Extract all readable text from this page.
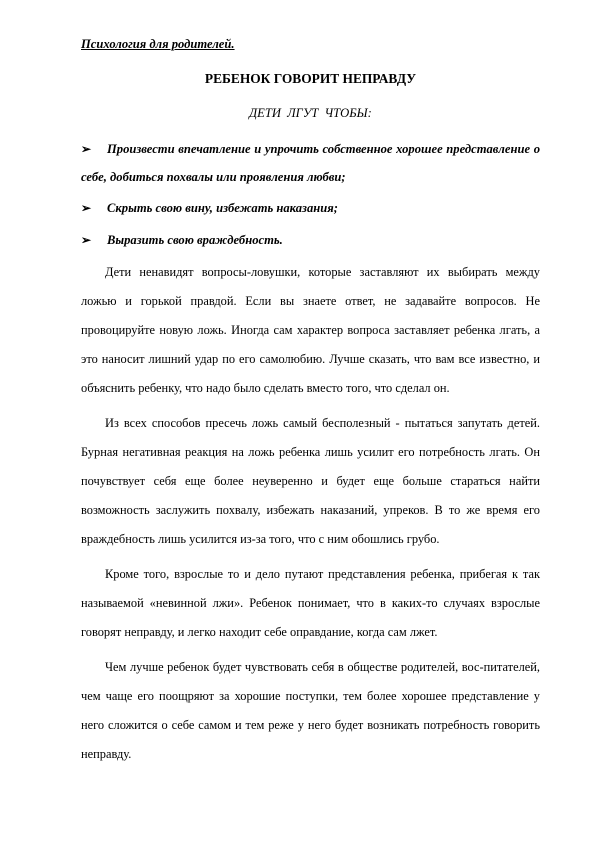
Психология для родителей.
РЕБЕНОК ГОВОРИТ НЕПРАВДУ
ДЕТИ ЛГУТ ЧТОБЫ:
➢ Произвести впечатление и упрочить собственное хорошее представление о себе, добиться похвалы или проявления любви;
➢ Скрыть свою вину, избежать наказания;
➢ Выразить свою враждебность.

Дети ненавидят вопросы-ловушки, которые заставляют их выбирать между ложью и горькой правдой. Если вы знаете ответ, не задавайте вопросов. Не провоцируйте новую ложь. Иногда сам характер вопроса заставляет ребенка лгать, а это наносит лишний удар по его самолюбию. Лучше сказать, что вам все известно, и объяснить ребенку, что надо было сделать вместо того, что сделал он.

Из всех способов пресечь ложь самый бесполезный - пытаться запутать детей. Бурная негативная реакция на ложь ребенка лишь усилит его потребность лгать. Он почувствует себя еще более неуверенно и будет еще больше стараться найти возможность заслужить похвалу, избежать наказаний, упреков. В то же время его враждебность лишь усилится из-за того, что с ним обошлись грубо.

Кроме того, взрослые то и дело путают представления ребенка, прибегая к так называемой «невинной лжи». Ребенок понимает, что в каких-то случаях взрослые говорят неправду, и легко находит себе оправдание, когда сам лжет.

Чем лучше ребенок будет чувствовать себя в обществе родителей, вос-питателей, чем чаще его поощряют за хорошие поступки, тем более хорошее представление у него сложится о себе самом и тем реже у него будет возникать потребность говорить неправду.
